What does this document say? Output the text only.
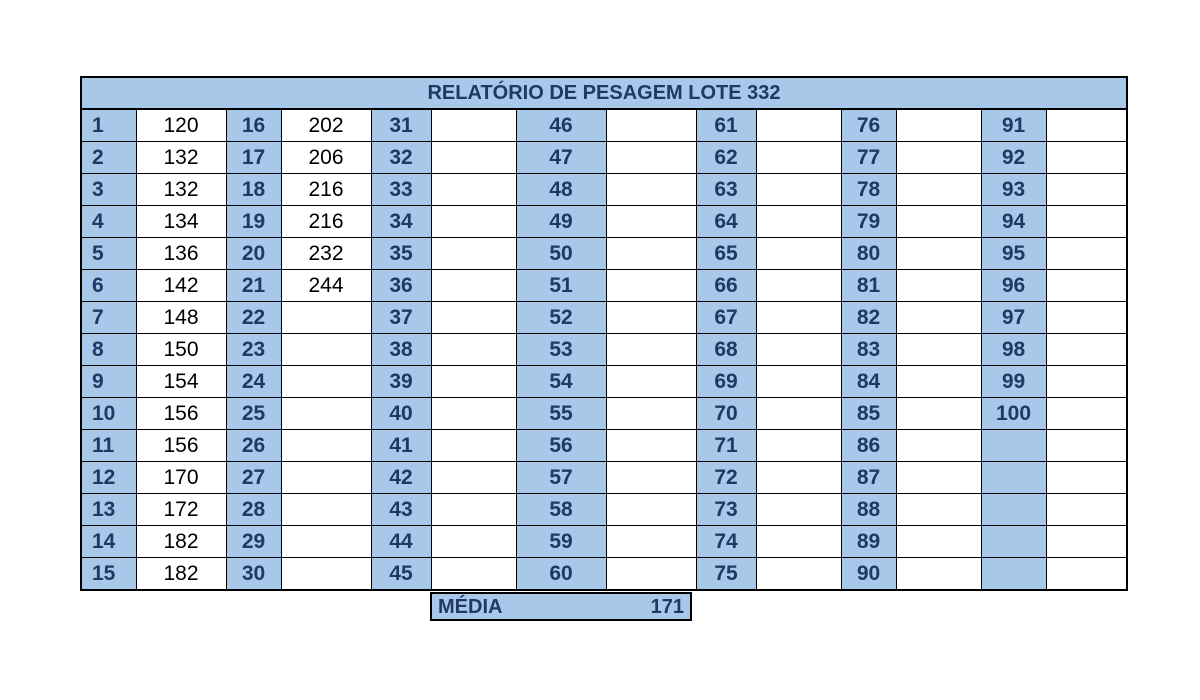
RELATÓRIO DE PESAGEM LOTE 332													
1	120	16	202	31		46		61		76		91	
2	132	17	206	32		47		62		77		92	
3	132	18	216	33		48		63		78		93	
4	134	19	216	34		49		64		79		94	
5	136	20	232	35		50		65		80		95	
6	142	21	244	36		51		66		81		96	
7	148	22		37		52		67		82		97	
8	150	23		38		53		68		83		98	
9	154	24		39		54		69		84		99	
10	156	25		40		55		70		85		100	
11	156	26		41		56		71		86			
12	170	27		42		57		72		87			
13	172	28		43		58		73		88			
14	182	29		44		59		74		89			
15	182	30		45		60		75		90			
MÉDIA	171
